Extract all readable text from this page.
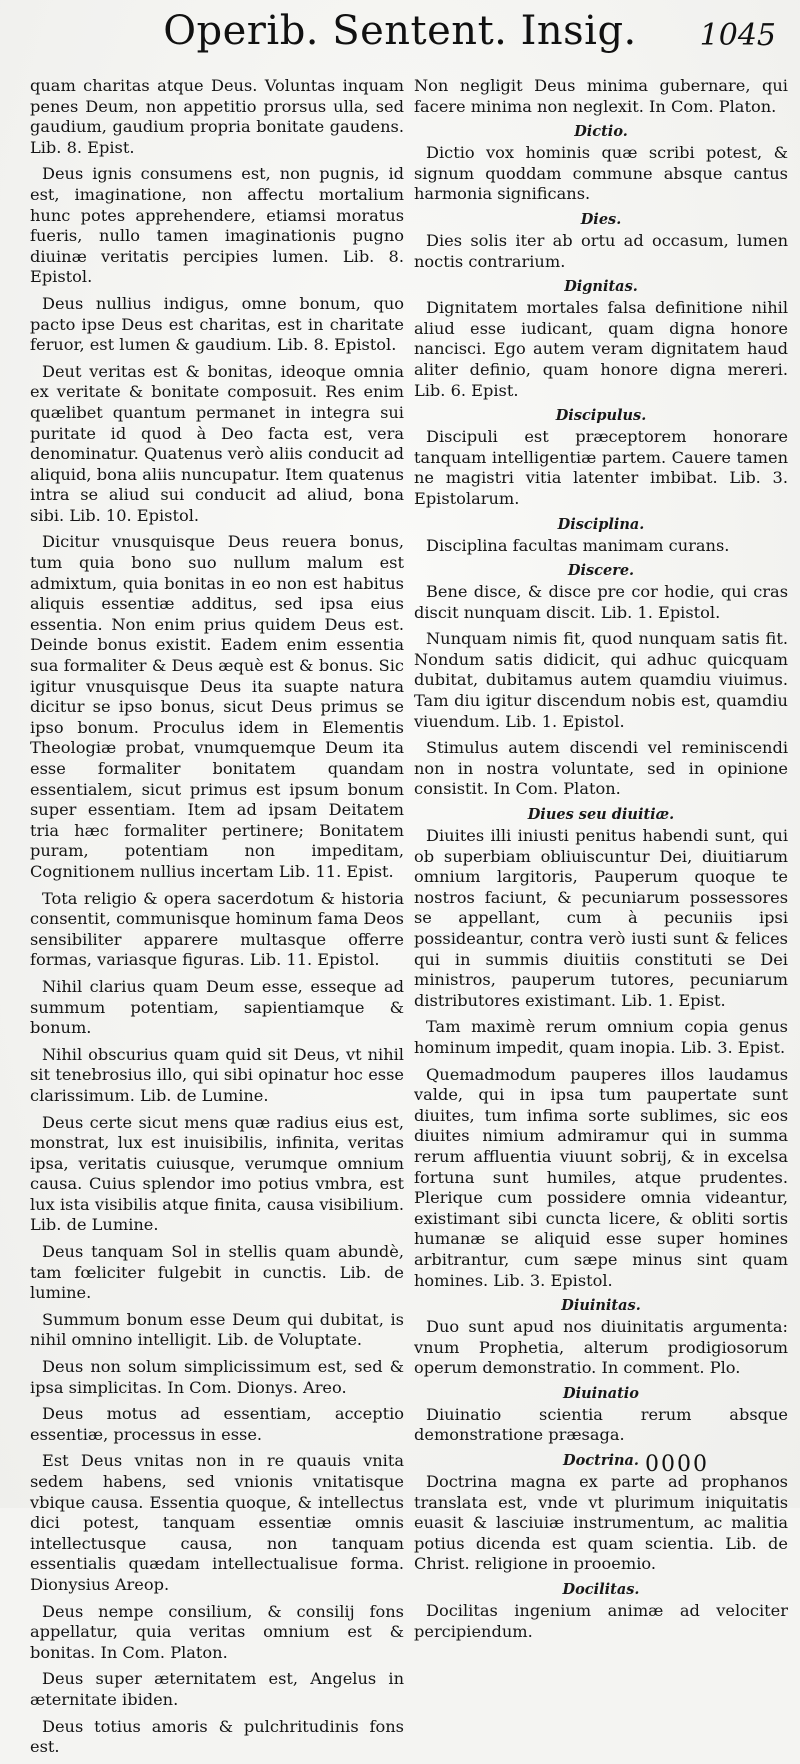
Operib. Sentent. Insig.	1045

quam charitas atque Deus. Voluntas inquam penes Deum, non appetitio prorsus ulla, sed gaudium, gaudium propria bonitate gaudens. Lib. 8. Epist.

Deus ignis consumens est, non pugnis, id est, imaginatione, non affectu mortalium hunc potes apprehendere, etiamsi moratus fueris, nullo tamen imaginationis pugno diuinæ veritatis percipies lumen. Lib. 8. Epistol.

Deus nullius indigus, omne bonum, quo pacto ipse Deus est charitas, est in charitate feruor, est lumen & gaudium. Lib. 8. Epistol.

Deut veritas est & bonitas, ideoque omnia ex veritate & bonitate composuit. Res enim quælibet quantum permanet in integra sui puritate id quod à Deo facta est, vera denominatur. Quatenus verò aliis conducit ad aliquid, bona aliis nuncupatur. Item quatenus intra se aliud sui conducit ad aliud, bona sibi. Lib. 10. Epistol.

Dicitur vnusquisque Deus reuera bonus, tum quia bono suo nullum malum est admixtum, quia bonitas in eo non est habitus aliquis essentiæ additus, sed ipsa eius essentia. Non enim prius quidem Deus est. Deinde bonus existit. Eadem enim essentia sua formaliter & Deus æquè est & bonus. Sic igitur vnusquisque Deus ita suapte natura dicitur se ipso bonus, sicut Deus primus se ipso bonum. Proculus idem in Elementis Theologiæ probat, vnumquemque Deum ita esse formaliter bonitatem quandam essentialem, sicut primus est ipsum bonum super essentiam. Item ad ipsam Deitatem tria hæc formaliter pertinere; Bonitatem puram, potentiam non impeditam, Cognitionem nullius incertam Lib. 11. Epist.

Tota religio & opera sacerdotum & historia consentit, communisque hominum fama Deos sensibiliter apparere multasque offerre formas, variasque figuras. Lib. 11. Epistol.

Nihil clarius quam Deum esse, esseque ad summum potentiam, sapientiamque & bonum.

Nihil obscurius quam quid sit Deus, vt nihil sit tenebrosius illo, qui sibi opinatur hoc esse clarissimum. Lib. de Lumine.

Deus certe sicut mens quæ radius eius est, monstrat, lux est inuisibilis, infinita, veritas ipsa, veritatis cuiusque, verumque omnium causa. Cuius splendor imo potius vmbra, est lux ista visibilis atque finita, causa visibilium. Lib. de Lumine.

Deus tanquam Sol in stellis quam abundè, tam fœliciter fulgebit in cunctis. Lib. de lumine.

Summum bonum esse Deum qui dubitat, is nihil omnino intelligit. Lib. de Voluptate.

Deus non solum simplicissimum est, sed & ipsa simplicitas. In Com. Dionys. Areo.

Deus motus ad essentiam, acceptio essentiæ, processus in esse.

Est Deus vnitas non in re quauis vnita sedem habens, sed vnionis vnitatisque vbique causa. Essentia quoque, & intellectus dici potest, tanquam essentiæ omnis intellectusque causa, non tanquam essentialis quædam intellectualisue forma. Dionysius Areop.

Deus nempe consilium, & consilij fons appellatur, quia veritas omnium est & bonitas. In Com. Platon.

Deus super æternitatem est, Angelus in æternitate ibiden.

Deus totius amoris & pulchritudinis fons est.

Non negligit Deus minima gubernare, qui facere minima non neglexit. In Com. Platon.

Dictio.

Dictio vox hominis quæ scribi potest, & signum quoddam commune absque cantus harmonia significans.

Dies.

Dies solis iter ab ortu ad occasum, lumen noctis contrarium.

Dignitas.

Dignitatem mortales falsa definitione nihil aliud esse iudicant, quam digna honore nancisci. Ego autem veram dignitatem haud aliter definio, quam honore digna mereri. Lib. 6. Epist.

Discipulus.

Discipuli est præceptorem honorare tanquam intelligentiæ partem. Cauere tamen ne magistri vitia latenter imbibat. Lib. 3. Epistolarum.

Disciplina.

Disciplina facultas manimam curans.

Discere.

Bene disce, & disce pre cor hodie, qui cras discit nunquam discit. Lib. 1. Epistol.

Nunquam nimis fit, quod nunquam satis fit. Nondum satis didicit, qui adhuc quicquam dubitat, dubitamus autem quamdiu viuimus. Tam diu igitur discendum nobis est, quamdiu viuendum. Lib. 1. Epistol.

Stimulus autem discendi vel reminiscendi non in nostra voluntate, sed in opinione consistit. In Com. Platon.

Diues seu diuitiæ.

Diuites illi iniusti penitus habendi sunt, qui ob superbiam obliuiscuntur Dei, diuitiarum omnium largitoris, Pauperum quoque te nostros faciunt, & pecuniarum possessores se appellant, cum à pecuniis ipsi possideantur, contra verò iusti sunt & felices qui in summis diuitiis constituti se Dei ministros, pauperum tutores, pecuniarum distributores existimant. Lib. 1. Epist.

Tam maximè rerum omnium copia genus hominum impedit, quam inopia. Lib. 3. Epist.

Quemadmodum pauperes illos laudamus valde, qui in ipsa tum paupertate sunt diuites, tum infima sorte sublimes, sic eos diuites nimium admiramur qui in summa rerum affluentia viuunt sobrij, & in excelsa fortuna sunt humiles, atque prudentes. Plerique cum possidere omnia videantur, existimant sibi cuncta licere, & obliti sortis humanæ se aliquid esse super homines arbitrantur, cum sæpe minus sint quam homines. Lib. 3. Epistol.

Diuinitas.

Duo sunt apud nos diuinitatis argumenta: vnum Prophetia, alterum prodigiosorum operum demonstratio. In comment. Plo.

Diuinatio

Diuinatio scientia rerum absque demonstratione præsaga.

Doctrina.

Doctrina magna ex parte ad prophanos translata est, vnde vt plurimum iniquitatis euasit & lasciuiæ instrumentum, ac malitia potius dicenda est quam scientia. Lib. de Christ. religione in prooemio.

Docilitas.

Docilitas ingenium animæ ad velociter percipiendum.

0000
